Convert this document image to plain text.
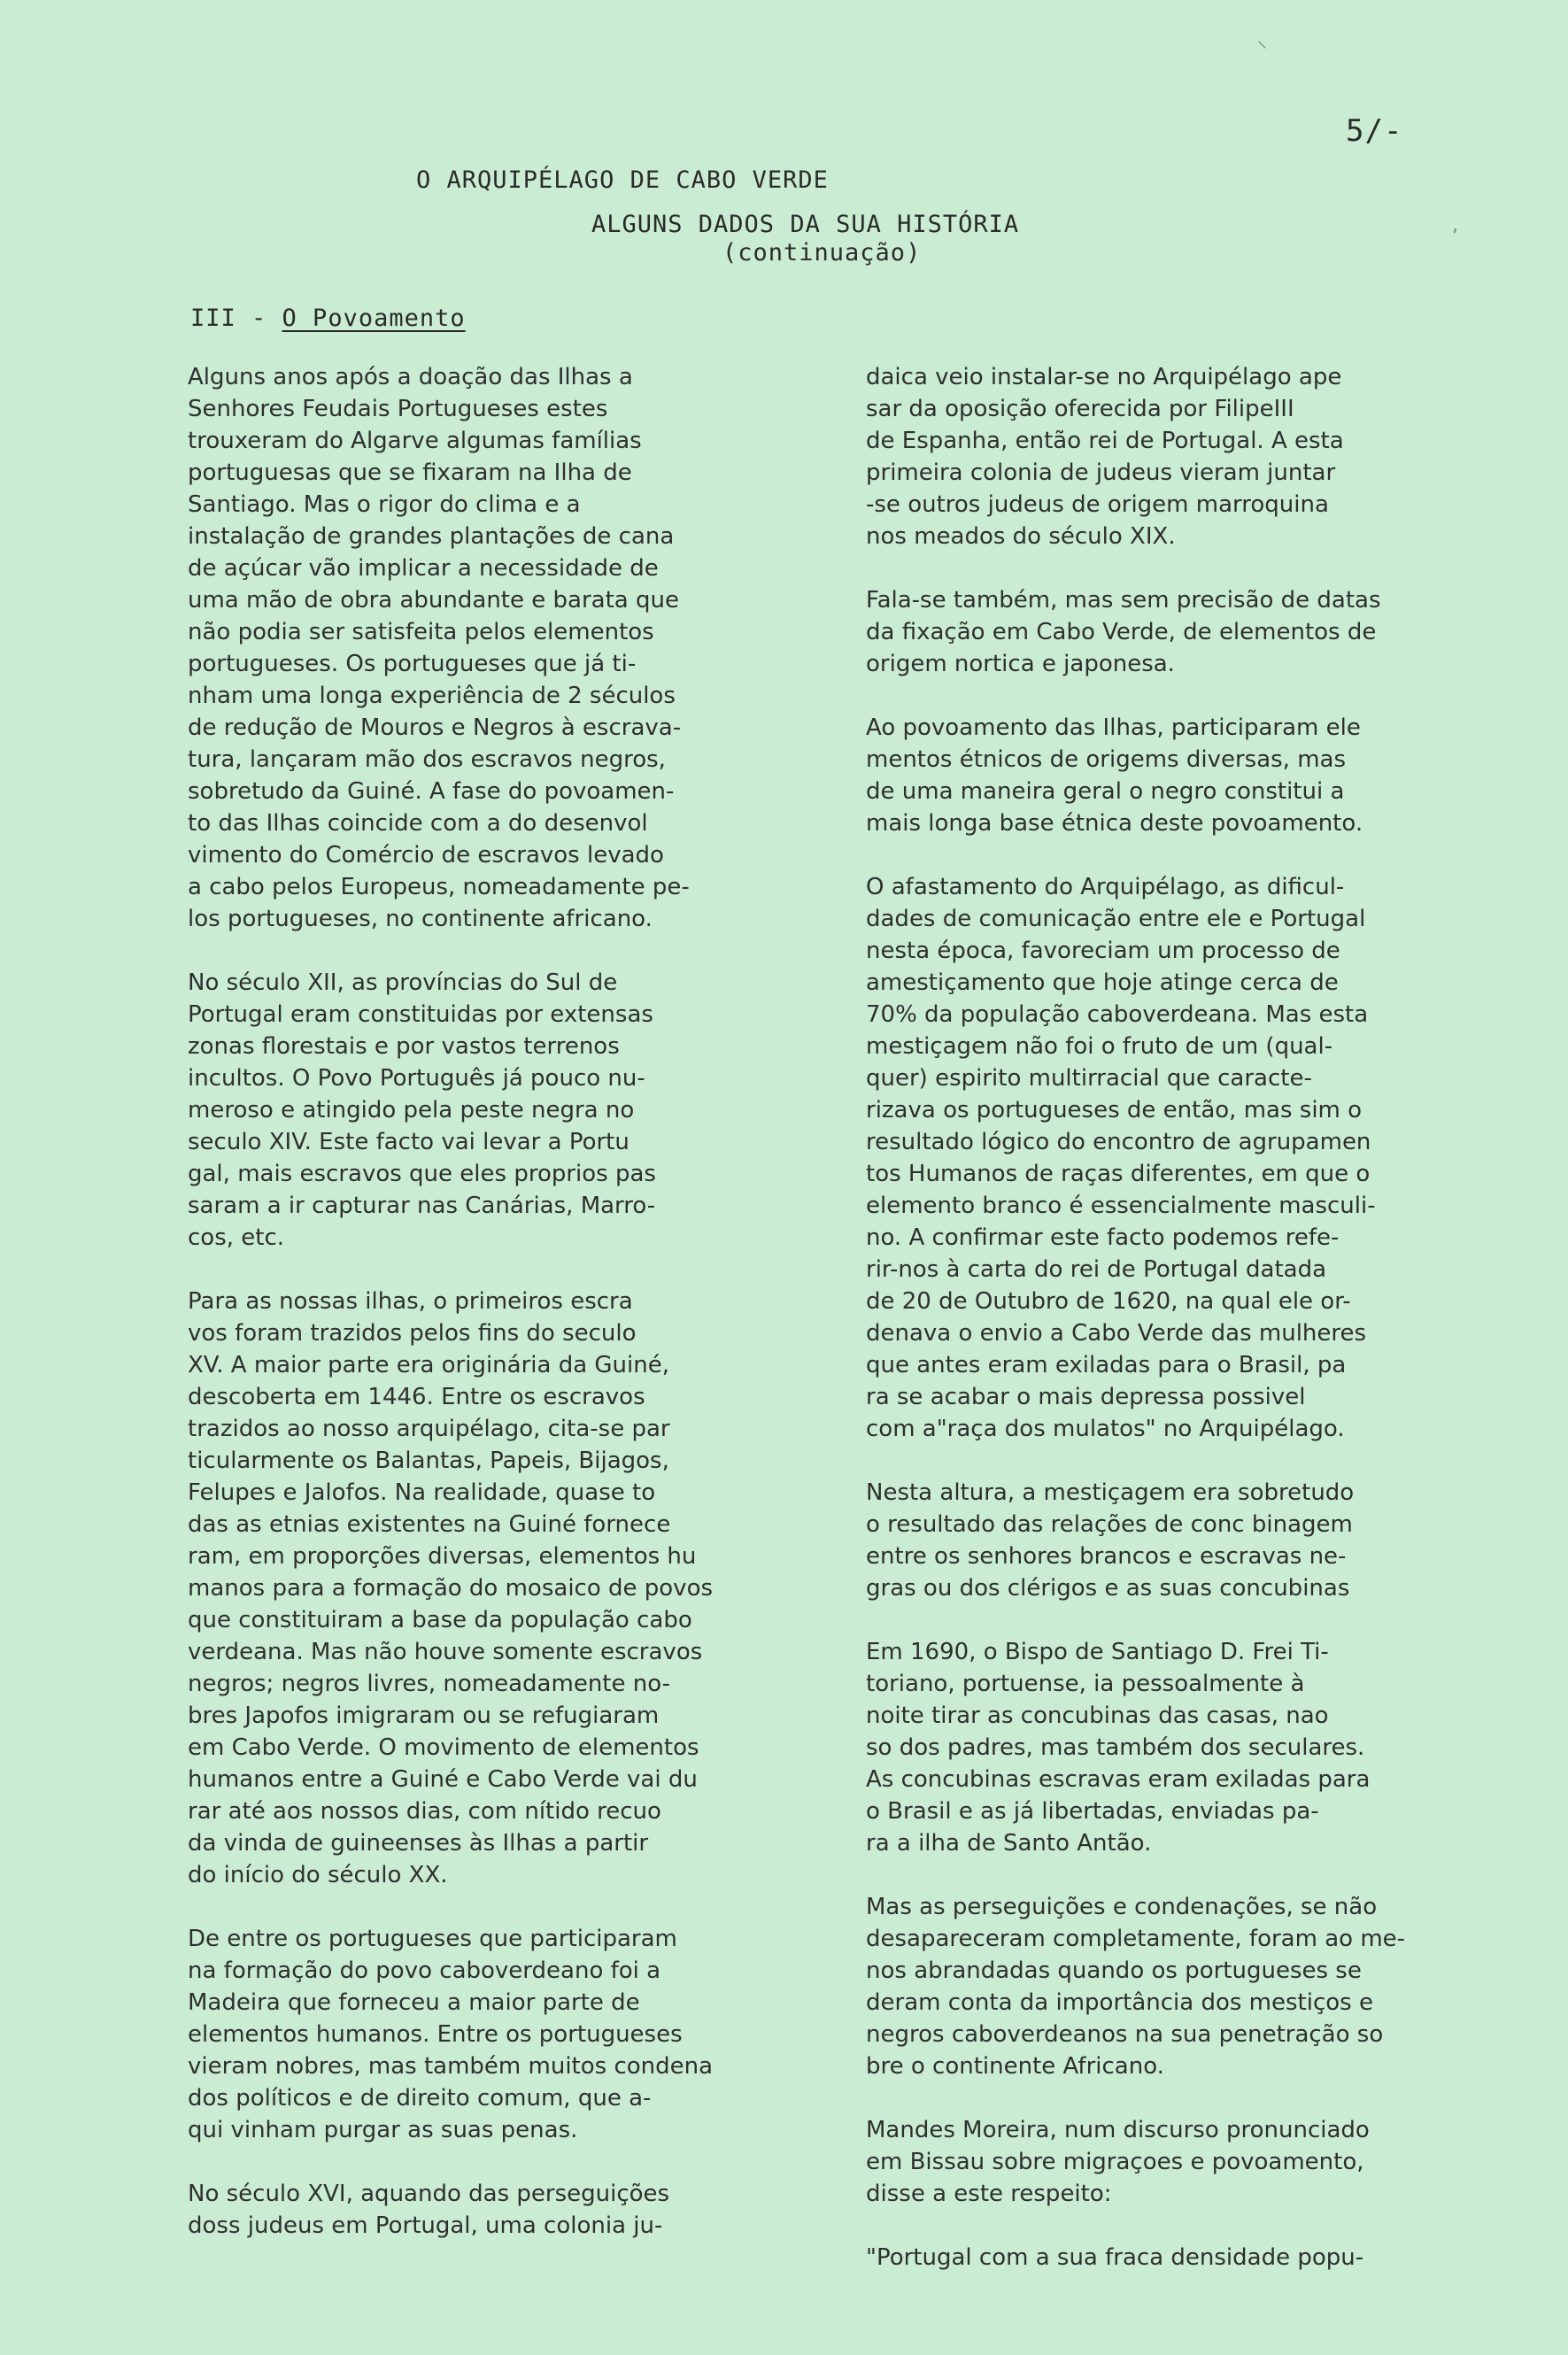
5/-
O ARQUIPÉLAGO DE CABO VERDE
ALGUNS DADOS DA SUA HISTÓRIA
(continuação)
III - O Povoamento
Alguns anos após a doação das Ilhas a
Senhores Feudais Portugueses estes
trouxeram do Algarve algumas famílias
portuguesas que se fixaram na Ilha de
Santiago. Mas o rigor do clima e a
instalação de grandes plantações de cana
de açúcar vão implicar a necessidade de
uma mão de obra abundante e barata que
não podia ser satisfeita pelos elementos
portugueses. Os portugueses que já ti-
nham uma longa experiência de 2 séculos
de redução de Mouros e Negros à escrava-
tura, lançaram mão dos escravos negros,
sobretudo da Guiné. A fase do povoamen-
to das Ilhas coincide com a do desenvol
vimento do Comércio de escravos levado
a cabo pelos Europeus, nomeadamente pe-
los portugueses, no continente africano.
No século XII, as províncias do Sul de
Portugal eram constituidas por extensas
zonas florestais e por vastos terrenos
incultos. O Povo Português já pouco nu-
meroso e atingido pela peste negra no
seculo XIV. Este facto vai levar a Portu
gal, mais escravos que eles proprios pas
saram a ir capturar nas Canárias, Marro-
cos, etc.
Para as nossas ilhas, o primeiros escra
vos foram trazidos pelos fins do seculo
XV. A maior parte era originária da Guiné,
descoberta em 1446. Entre os escravos
trazidos ao nosso arquipélago, cita-se par
ticularmente os Balantas, Papeis, Bijagos,
Felupes e Jalofos. Na realidade, quase to
das as etnias existentes na Guiné fornece
ram, em proporções diversas, elementos hu
manos para a formação do mosaico de povos
que constituiram a base da população cabo
verdeana. Mas não houve somente escravos
negros; negros livres, nomeadamente no-
bres Japofos imigraram ou se refugiaram
em Cabo Verde. O movimento de elementos
humanos entre a Guiné e Cabo Verde vai du
rar até aos nossos dias, com nítido recuo
da vinda de guineenses às Ilhas a partir
do início do século XX.
De entre os portugueses que participaram
na formação do povo caboverdeano foi a
Madeira que forneceu a maior parte de
elementos humanos. Entre os portugueses
vieram nobres, mas também muitos condena
dos políticos e de direito comum, que a-
qui vinham purgar as suas penas.
No século XVI, aquando das perseguições
doss judeus em Portugal, uma colonia ju-
daica veio instalar-se no Arquipélago ape
sar da oposição oferecida por FilipeIII
de Espanha, então rei de Portugal. A esta
primeira colonia de judeus vieram juntar
-se outros judeus de origem marroquina
nos meados do século XIX.
Fala-se também, mas sem precisão de datas
da fixação em Cabo Verde, de elementos de
origem nortica e japonesa.
Ao povoamento das Ilhas, participaram ele
mentos étnicos de origems diversas, mas
de uma maneira geral o negro constitui a
mais longa base étnica deste povoamento.
O afastamento do Arquipélago, as dificul-
dades de comunicação entre ele e Portugal
nesta época, favoreciam um processo de
amestiçamento que hoje atinge cerca de
70% da população caboverdeana. Mas esta
mestiçagem não foi o fruto de um (qual-
quer) espirito multirracial que caracte-
rizava os portugueses de então, mas sim o
resultado lógico do encontro de agrupamen
tos Humanos de raças diferentes, em que o
elemento branco é essencialmente masculi-
no. A confirmar este facto podemos refe-
rir-nos à carta do rei de Portugal datada
de 20 de Outubro de 1620, na qual ele or-
denava o envio a Cabo Verde das mulheres
que antes eram exiladas para o Brasil, pa
ra se acabar o mais depressa possivel
com a"raça dos mulatos" no Arquipélago.
Nesta altura, a mestiçagem era sobretudo
o resultado das relações de conc binagem
entre os senhores brancos e escravas ne-
gras ou dos clérigos e as suas concubinas
Em 1690, o Bispo de Santiago D. Frei Ti-
toriano, portuense, ia pessoalmente à
noite tirar as concubinas das casas, nao
so dos padres, mas também dos seculares.
As concubinas escravas eram exiladas para
o Brasil e as já libertadas, enviadas pa-
ra a ilha de Santo Antão.
Mas as perseguições e condenações, se não
desapareceram completamente, foram ao me-
nos abrandadas quando os portugueses se
deram conta da importância dos mestiços e
negros caboverdeanos na sua penetração so
bre o continente Africano.
Mandes Moreira, num discurso pronunciado
em Bissau sobre migraçoes e povoamento,
disse a este respeito:
"Portugal com a sua fraca densidade popu-
⸜
,
